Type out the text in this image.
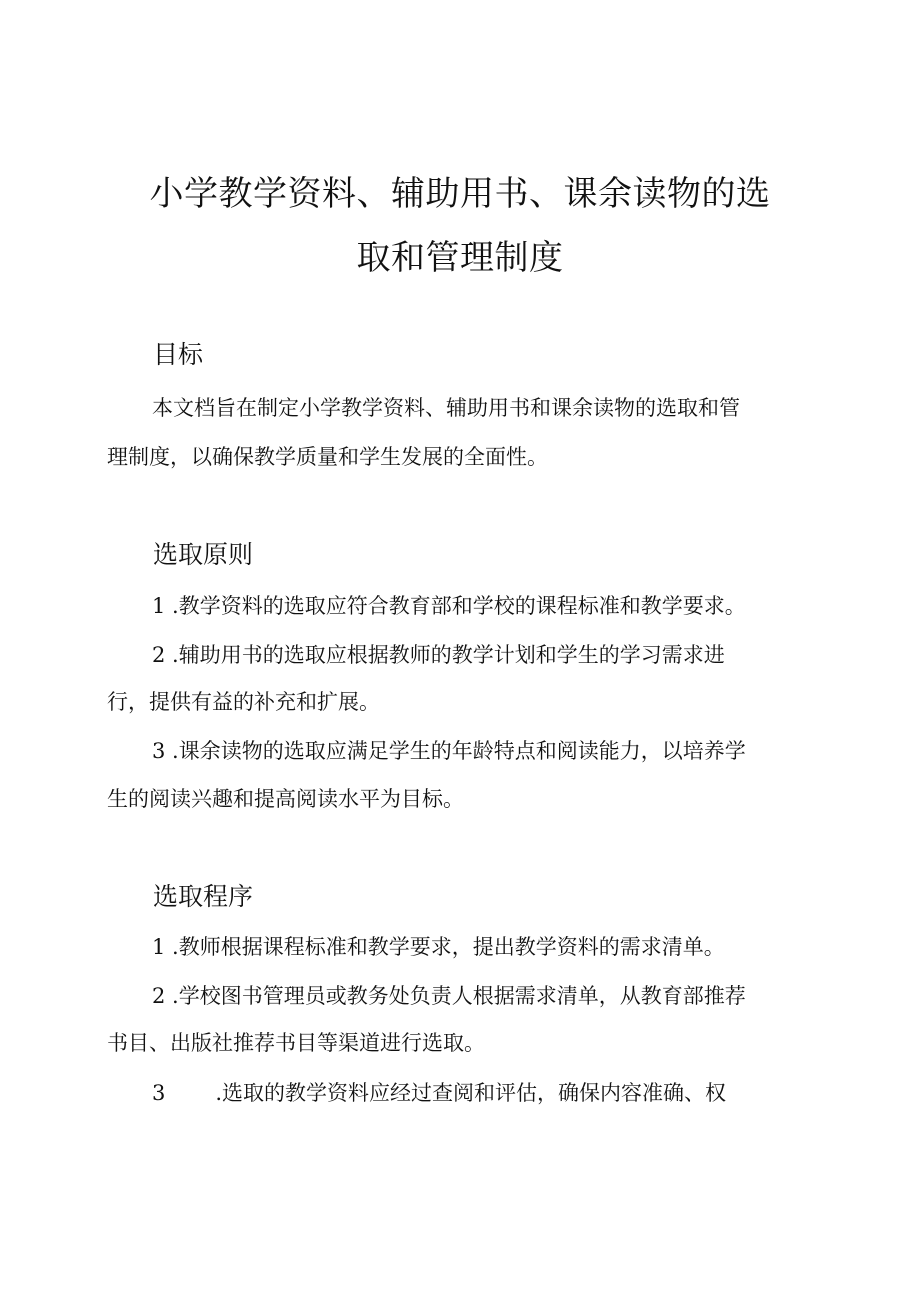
小学教学资料、辅助用书、课余读物的选
取和管理制度
目标
本文档旨在制定小学教学资料、辅助用书和课余读物的选取和管
理制度，以确保教学质量和学生发展的全面性。
选取原则
1 .教学资料的选取应符合教育部和学校的课程标准和教学要求。
2 .辅助用书的选取应根据教师的教学计划和学生的学习需求进
行，提供有益的补充和扩展。
3 .课余读物的选取应满足学生的年龄特点和阅读能力，以培养学
生的阅读兴趣和提高阅读水平为目标。
选取程序
1 .教师根据课程标准和教学要求，提出教学资料的需求清单。
2 .学校图书管理员或教务处负责人根据需求清单，从教育部推荐
书目、出版社推荐书目等渠道进行选取。
3 .选取的教学资料应经过查阅和评估，确保内容准确、权
